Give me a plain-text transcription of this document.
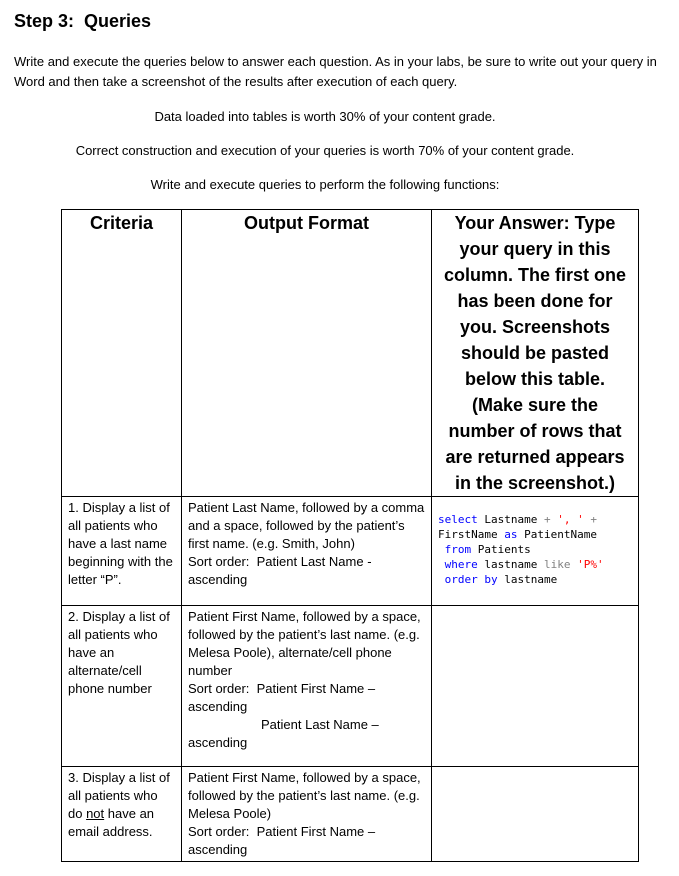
Step 3:  Queries
Write and execute the queries below to answer each question. As in your labs, be sure to write out your query in Word and then take a screenshot of the results after execution of each query.
Data loaded into tables is worth 30% of your content grade.
Correct construction and execution of your queries is worth 70% of your content grade.
Write and execute queries to perform the following functions:
Criteria	Output Format	Your Answer: Type your query in this column. The first one has been done for you. Screenshots should be pasted below this table. (Make sure the number of rows that are returned appears in the screenshot.)

1. Display a list of all patients who have a last name beginning with the letter “P”.	Patient Last Name, followed by a comma and a space, followed by the patient’s first name. (e.g. Smith, John)
Sort order:  Patient Last Name - ascending	select Lastname + ', ' +
FirstName as PatientName
from Patients
where lastname like 'P%'
order by lastname

2. Display a list of all patients who have an alternate/cell phone number	Patient First Name, followed by a space, followed by the patient’s last name. (e.g. Melesa Poole), alternate/cell phone number
Sort order:  Patient First Name – ascending
Patient Last Name –
ascending	

3. Display a list of all patients who do not have an email address.	Patient First Name, followed by a space, followed by the patient’s last name. (e.g. Melesa Poole)
Sort order:  Patient First Name – ascending	
